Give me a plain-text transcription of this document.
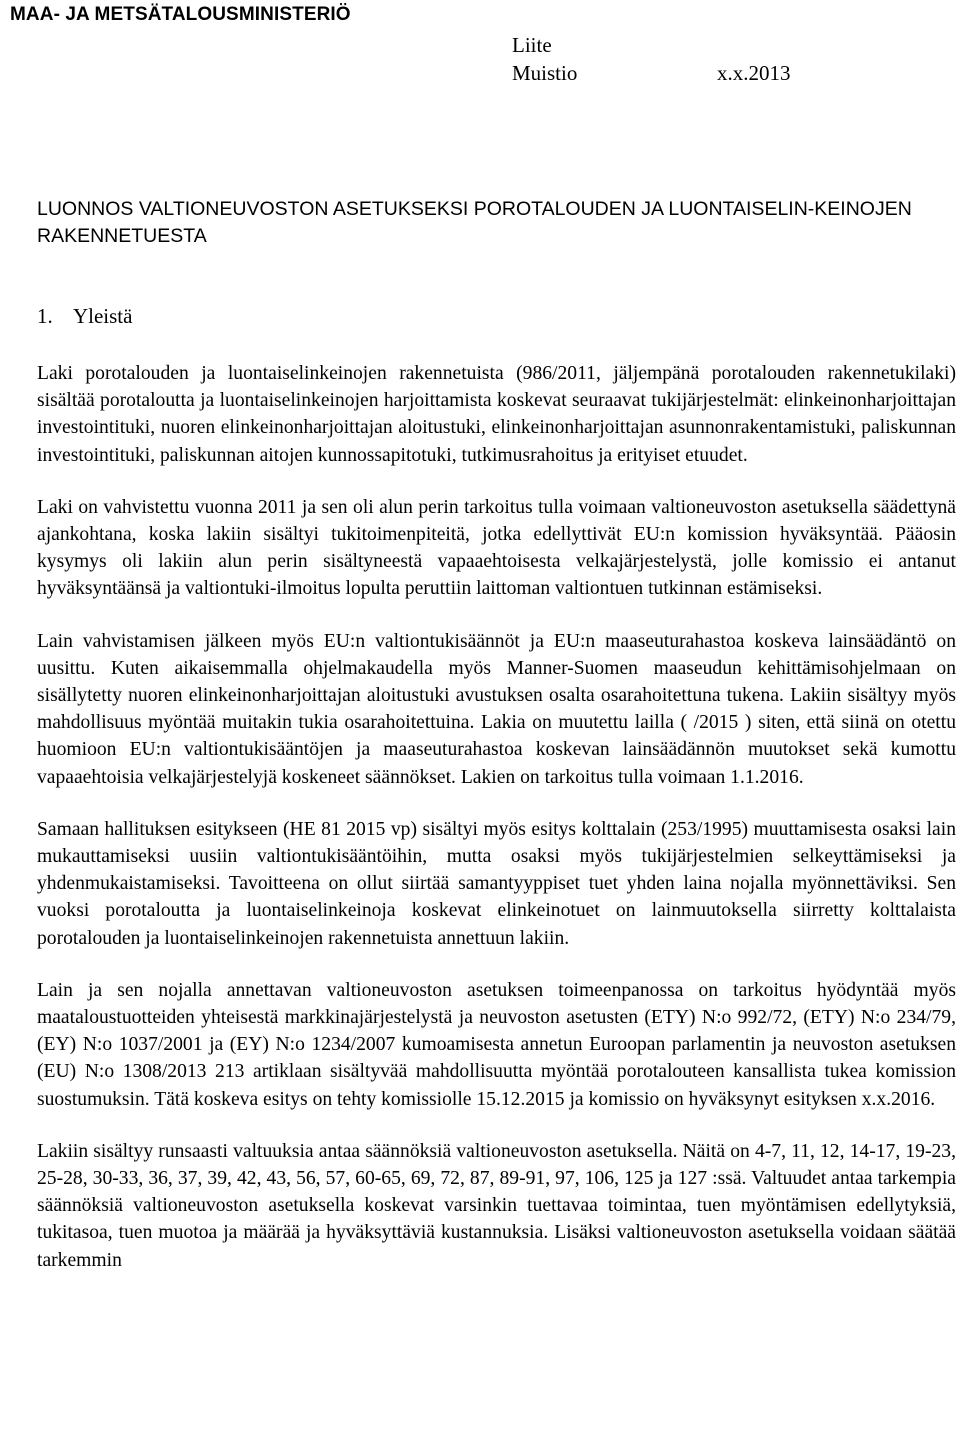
MAA- JA METSÄTALOUSMINISTERIÖ
Liite
Muistio	x.x.2013
LUONNOS VALTIONEUVOSTON ASETUKSEKSI POROTALOUDEN JA LUONTAISELIN-KEINOJEN RAKENNETUESTA
1. Yleistä

Laki porotalouden ja luontaiselinkeinojen rakennetuista (986/2011, jäljempänä porotalouden rakennetukilaki) sisältää porotaloutta ja luontaiselinkeinojen harjoittamista koskevat seuraavat tukijärjestelmät: elinkeinonharjoittajan investointituki, nuoren elinkeinonharjoittajan aloitustuki, elinkeinonharjoittajan asunnonrakentamistuki, paliskunnan investointituki, paliskunnan aitojen kunnossapitotuki, tutkimusrahoitus ja erityiset etuudet.

Laki on vahvistettu vuonna 2011 ja sen oli alun perin tarkoitus tulla voimaan valtioneuvoston asetuksella säädettynä ajankohtana, koska lakiin sisältyi tukitoimenpiteitä, jotka edellyttivät EU:n komission hyväksyntää. Pääosin kysymys oli lakiin alun perin sisältyneestä vapaaehtoisesta velkajärjestelystä, jolle komissio ei antanut hyväksyntäänsä ja valtiontuki-ilmoitus lopulta peruttiin laittoman valtiontuen tutkinnan estämiseksi.

Lain vahvistamisen jälkeen myös EU:n valtiontukisäännöt ja EU:n maaseuturahastoa koskeva lainsäädäntö on uusittu. Kuten aikaisemmalla ohjelmakaudella myös Manner-Suomen maaseudun kehittämisohjelmaan on sisällytetty nuoren elinkeinonharjoittajan aloitustuki avustuksen osalta osarahoitettuna tukena. Lakiin sisältyy myös mahdollisuus myöntää muitakin tukia osarahoitettuina. Lakia on muutettu lailla ( /2015 ) siten, että siinä on otettu huomioon EU:n valtiontukisääntöjen ja maaseuturahastoa koskevan lainsäädännön muutokset sekä kumottu vapaaehtoisia velkajärjestelyjä koskeneet säännökset. Lakien on tarkoitus tulla voimaan 1.1.2016.

Samaan hallituksen esitykseen (HE 81 2015 vp) sisältyi myös esitys kolttalain (253/1995) muuttamisesta osaksi lain mukauttamiseksi uusiin valtiontukisääntöihin, mutta osaksi myös tukijärjestelmien selkeyttämiseksi ja yhdenmukaistamiseksi. Tavoitteena on ollut siirtää samantyyppiset tuet yhden laina nojalla myönnettäviksi. Sen vuoksi porotaloutta ja luontaiselinkeinoja koskevat elinkeinotuet on lainmuutoksella siirretty kolttalaista porotalouden ja luontaiselinkeinojen rakennetuista annettuun lakiin.

Lain ja sen nojalla annettavan valtioneuvoston asetuksen toimeenpanossa on tarkoitus hyödyntää myös maataloustuotteiden yhteisestä markkinajärjestelystä ja neuvoston asetusten (ETY) N:o 992/72, (ETY) N:o 234/79, (EY) N:o 1037/2001 ja (EY) N:o 1234/2007 kumoamisesta annetun Euroopan parlamentin ja neuvoston asetuksen (EU) N:o 1308/2013 213 artiklaan sisältyvää mahdollisuutta myöntää porotalouteen kansallista tukea komission suostumuksin. Tätä koskeva esitys on tehty komissiolle 15.12.2015 ja komissio on hyväksynyt esityksen x.x.2016.

Lakiin sisältyy runsaasti valtuuksia antaa säännöksiä valtioneuvoston asetuksella. Näitä on 4-7, 11, 12, 14-17, 19-23, 25-28, 30-33, 36, 37, 39, 42, 43, 56, 57, 60-65, 69, 72, 87, 89-91, 97, 106, 125 ja 127 :ssä. Valtuudet antaa tarkempia säännöksiä valtioneuvoston asetuksella koskevat varsinkin tuettavaa toimintaa, tuen myöntämisen edellytyksiä, tukitasoa, tuen muotoa ja määrää ja hyväksyttäviä kustannuksia. Lisäksi valtioneuvoston asetuksella voidaan säätää tarkemmin
